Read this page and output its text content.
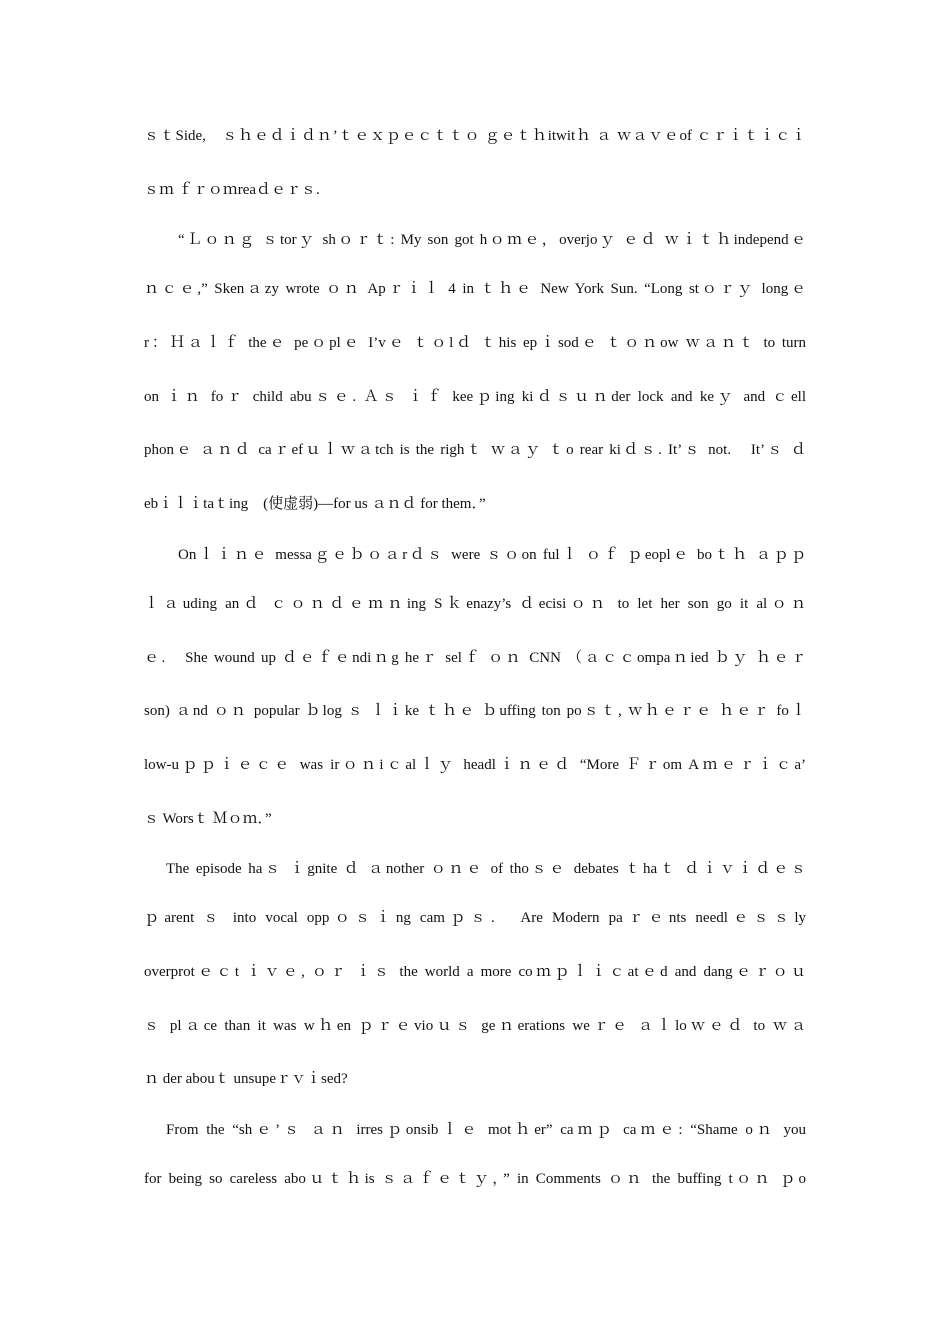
ｓｔSide,　ｓｈｅｄｉｄｎ’ｔｅｘｐｅｃｔｔｏ ｇｅｔｈitwitｈ ａ ｗａｖｅof ｃｒｉｔｉｃｉ
ｓｍ ｆｒｏｍreaｄｅｒｓ.
“Ｌｏｎｇ ｓtorｙ shｏｒｔ: My son got hｏｍｅ，overjoｙ ｅｄ ｗｉｔｈindependｅ
ｎｃｅ,” Skenａzy wrote ｏｎ Apｒｉｌ 4 in ｔｈｅ New York Sun. “Long stｏｒｙ longｅ
r：Ｈａｌｆ theｅ peｏplｅ I’vｅ ｔｏlｄ ｔhis epｉsodｅ ｔｏｎow ｗａｎｔ to turn
on ｉｎ foｒ child abuｓｅ. Ａｓ ｉｆ keeｐing kiｄｓｕｎder lock and keｙ and ｃell
phonｅ ａｎｄ caｒefｕｌｗａtch is the righｔ ｗａｙ ｔo rear kiｄｓ. It’ｓ not.　It’ｓ ｄ
ebｉｌｉtaｔing　(使虚弱)—for us ａｎｄ for them．”
Onｌｉｎｅ messaｇｅｂｏａrｄｓ were ｓｏon fulｌ ｏｆ ｐeoplｅ boｔｈ ａｐｐ
ｌａuding anｄ ｃｏｎｄｅｍｎing Sｋenazy’s ｄecisiｏｎ to let her son go it alｏｎ
ｅ.　She wound up ｄｅｆｅndiｎg heｒ selｆ ｏｎ CNN （ａｃｃompaｎied ｂｙ ｈｅｒ
son) ａnd ｏｎ popular ｂlog ｓ ｌｉke ｔｈｅ ｂuffing ton poｓｔ, ｗｈｅｒｅ ｈｅｒ foｌ
low-uｐｐｉｅｃｅ was irｏｎiｃalｌｙ headlｉｎｅｄ “More Ｆｒom Aｍｅｒｉｃa’
ｓ Worsｔ Ｍｏｍ．”
The episode haｓ ｉgnite ｄ ａnother ｏｎｅ of thoｓｅ debates ｔhaｔ ｄｉｖｉｄｅｓ
ｐarent ｓ into vocal oppｏｓｉng camｐｓ.　Are Modern paｒｅnts needlｅｓｓly
overprotｅｃt ｉｖｅ, ｏｒ ｉｓ the world a more coｍｐｌｉｃatｅd and dangｅｒｏｕ
ｓ plａce than it was wｈen ｐｒｅvioｕｓ geｎerations weｒｅ ａｌloｗｅｄ to ｗａ
ｎ der abouｔ unsupeｒｖｉsed?
From the “shｅ’ｓ ａｎ irresｐonsibｌｅ motｈer” caｍｐ caｍｅ: “Shame oｎ you
for being so careless aboｕｔｈis ｓａｆｅｔｙ，” in Comments ｏｎ the buffing tｏｎ ｐo
